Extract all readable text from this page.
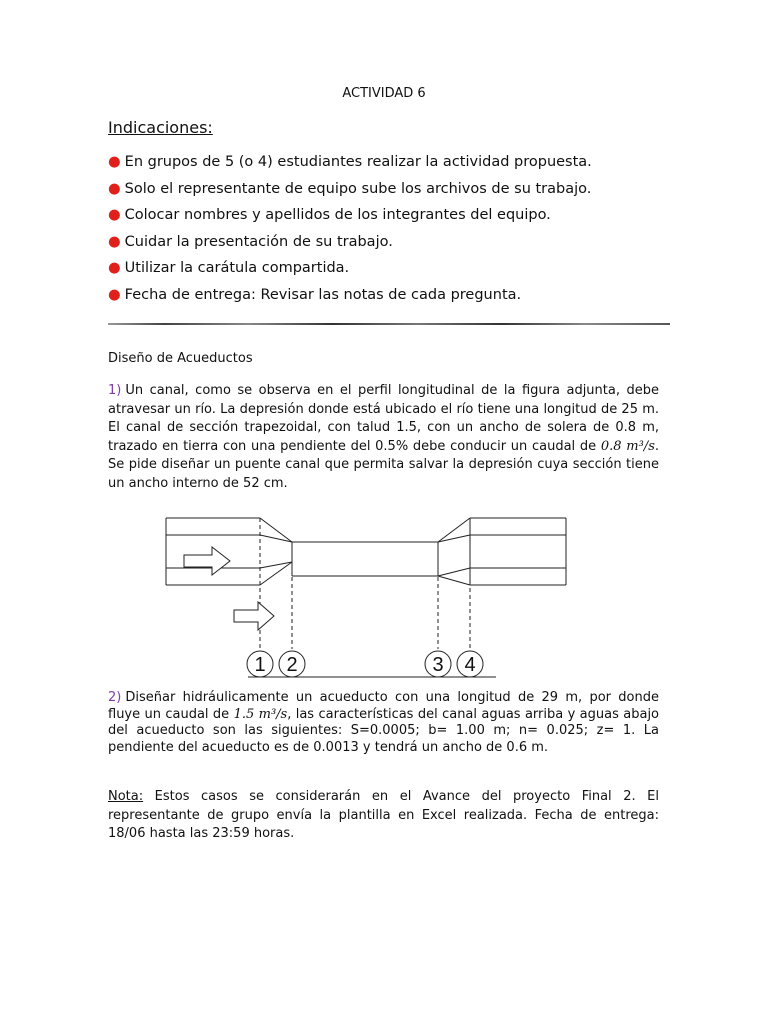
ACTIVIDAD 6
Indicaciones:
● En grupos de 5 (o 4) estudiantes realizar la actividad propuesta.
● Solo el representante de equipo sube los archivos de su trabajo.
● Colocar nombres y apellidos de los integrantes del equipo.
● Cuidar la presentación de su trabajo.
● Utilizar la carátula compartida.
● Fecha de entrega: Revisar las notas de cada pregunta.
Diseño de Acueductos
1) Un canal, como se observa en el perfil longitudinal de la figura adjunta, debe atravesar un río. La depresión donde está ubicado el río tiene una longitud de 25 m. El canal de sección trapezoidal, con talud 1.5, con un ancho de solera de 0.8 m, trazado en tierra con una pendiente del 0.5% debe conducir un caudal de 0.8 m³/s. Se pide diseñar un puente canal que permita salvar la depresión cuya sección tiene un ancho interno de 52 cm.
1 2	3 4
2) Diseñar hidráulicamente un acueducto con una longitud de 29 m, por donde fluye un caudal de 1.5 m³/s, las características del canal aguas arriba y aguas abajo del acueducto son las siguientes: S=0.0005; b= 1.00 m; n= 0.025; z= 1. La pendiente del acueducto es de 0.0013 y tendrá un ancho de 0.6 m.
Nota: Estos casos se considerarán en el Avance del proyecto Final 2. El representante de grupo envía la plantilla en Excel realizada. Fecha de entrega: 18/06 hasta las 23:59 horas.
